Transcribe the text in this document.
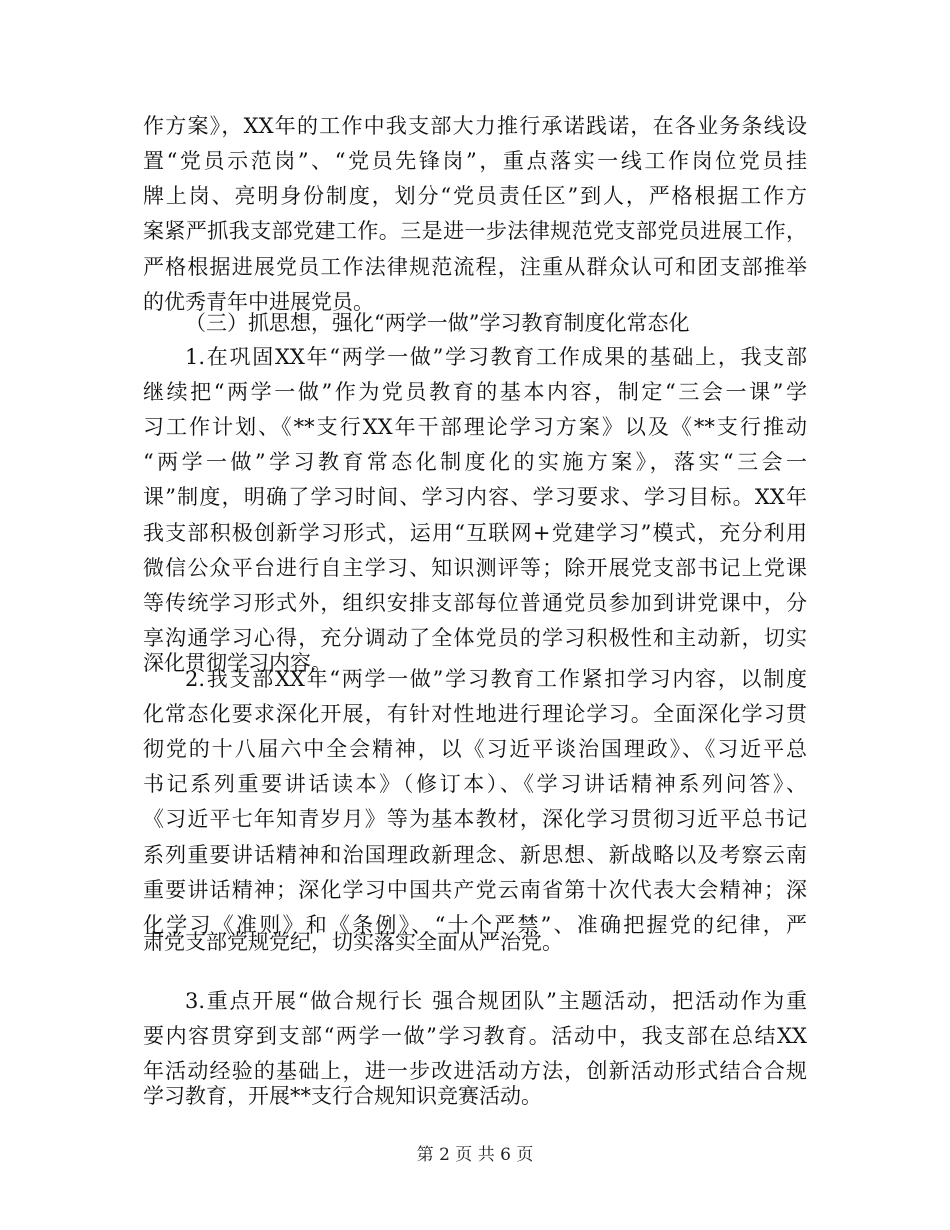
作方案》，XX年的工作中我支部大力推行承诺践诺，在各业务条线设
置“党员示范岗”、“党员先锋岗”，重点落实一线工作岗位党员挂
牌上岗、亮明身份制度，划分“党员责任区”到人，严格根据工作方
案紧严抓我支部党建工作。三是进一步法律规范党支部党员进展工作，
严格根据进展党员工作法律规范流程，注重从群众认可和团支部推举
的优秀青年中进展党员。
（三）抓思想，强化“两学一做”学习教育制度化常态化
1.在巩固XX年“两学一做”学习教育工作成果的基础上，我支部
继续把“两学一做”作为党员教育的基本内容，制定“三会一课”学
习工作计划、《**支行XX年干部理论学习方案》以及《**支行推动
“两学一做”学习教育常态化制度化的实施方案》，落实“三会一
课”制度，明确了学习时间、学习内容、学习要求、学习目标。XX年
我支部积极创新学习形式，运用“互联网+党建学习”模式，充分利用
微信公众平台进行自主学习、知识测评等；除开展党支部书记上党课
等传统学习形式外，组织安排支部每位普通党员参加到讲党课中，分
享沟通学习心得，充分调动了全体党员的学习积极性和主动新，切实
深化贯彻学习内容。
2.我支部XX年“两学一做”学习教育工作紧扣学习内容，以制度
化常态化要求深化开展，有针对性地进行理论学习。全面深化学习贯
彻党的十八届六中全会精神，以《习近平谈治国理政》、《习近平总
书记系列重要讲话读本》（修订本）、《学习讲话精神系列问答》、
《习近平七年知青岁月》等为基本教材，深化学习贯彻习近平总书记
系列重要讲话精神和治国理政新理念、新思想、新战略以及考察云南
重要讲话精神；深化学习中国共产党云南省第十次代表大会精神；深
化学习《准则》和《条例》、“十个严禁”、准确把握党的纪律，严
肃党支部党规党纪，切实落实全面从严治党。
3.重点开展“做合规行长 强合规团队”主题活动，把活动作为重
要内容贯穿到支部“两学一做”学习教育。活动中，我支部在总结XX
年活动经验的基础上，进一步改进活动方法，创新活动形式结合合规
学习教育，开展**支行合规知识竞赛活动。
第 2 页 共 6 页
